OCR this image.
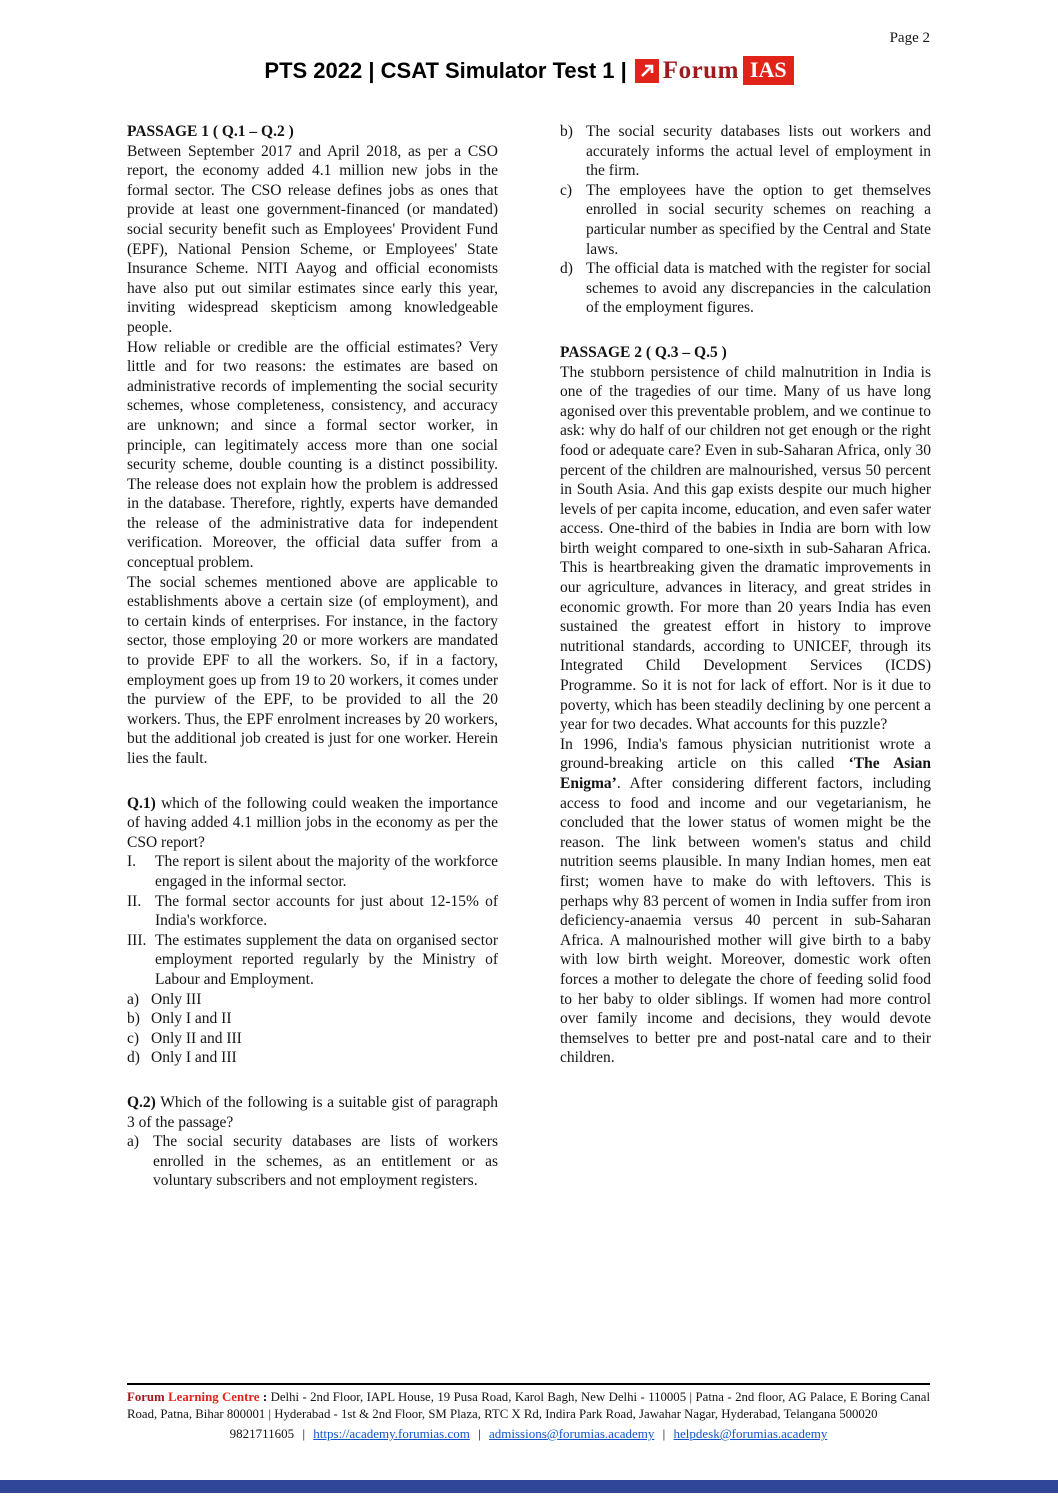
Page 2
PTS 2022 | CSAT Simulator Test 1 | Forum IAS

PASSAGE 1 ( Q.1 – Q.2 )

Between September 2017 and April 2018, as per a CSO report, the economy added 4.1 million new jobs in the formal sector. The CSO release defines jobs as ones that provide at least one government-financed (or mandated) social security benefit such as Employees' Provident Fund (EPF), National Pension Scheme, or Employees' State Insurance Scheme. NITI Aayog and official economists have also put out similar estimates since early this year, inviting widespread skepticism among knowledgeable people.

How reliable or credible are the official estimates? Very little and for two reasons: the estimates are based on administrative records of implementing the social security schemes, whose completeness, consistency, and accuracy are unknown; and since a formal sector worker, in principle, can legitimately access more than one social security scheme, double counting is a distinct possibility. The release does not explain how the problem is addressed in the database. Therefore, rightly, experts have demanded the release of the administrative data for independent verification. Moreover, the official data suffer from a conceptual problem.

The social schemes mentioned above are applicable to establishments above a certain size (of employment), and to certain kinds of enterprises. For instance, in the factory sector, those employing 20 or more workers are mandated to provide EPF to all the workers. So, if in a factory, employment goes up from 19 to 20 workers, it comes under the purview of the EPF, to be provided to all the 20 workers. Thus, the EPF enrolment increases by 20 workers, but the additional job created is just for one worker. Herein lies the fault.

Q.1) which of the following could weaken the importance of having added 4.1 million jobs in the economy as per the CSO report?

I.	The report is silent about the majority of the workforce engaged in the informal sector.
II. The formal sector accounts for just about 12-15% of India's workforce.
III. The estimates supplement the data on organised sector employment reported regularly by the Ministry of Labour and Employment.
a) Only III
b) Only I and II
c) Only II and III
d) Only I and III

Q.2) Which of the following is a suitable gist of paragraph 3 of the passage?

a) The social security databases are lists of workers enrolled in the schemes, as an entitlement or as voluntary subscribers and not employment registers.
b) The social security databases lists out workers and accurately informs the actual level of employment in the firm.
c) The employees have the option to get themselves enrolled in social security schemes on reaching a particular number as specified by the Central and State laws.
d) The official data is matched with the register for social schemes to avoid any discrepancies in the calculation of the employment figures.

PASSAGE 2 ( Q.3 – Q.5 )

The stubborn persistence of child malnutrition in India is one of the tragedies of our time. Many of us have long agonised over this preventable problem, and we continue to ask: why do half of our children not get enough or the right food or adequate care? Even in sub-Saharan Africa, only 30 percent of the children are malnourished, versus 50 percent in South Asia. And this gap exists despite our much higher levels of per capita income, education, and even safer water access. One-third of the babies in India are born with low birth weight compared to one-sixth in sub-Saharan Africa. This is heartbreaking given the dramatic improvements in our agriculture, advances in literacy, and great strides in economic growth. For more than 20 years India has even sustained the greatest effort in history to improve nutritional standards, according to UNICEF, through its Integrated Child Development Services (ICDS) Programme. So it is not for lack of effort. Nor is it due to poverty, which has been steadily declining by one percent a year for two decades. What accounts for this puzzle?

In 1996, India's famous physician nutritionist wrote a ground-breaking article on this called ‘The Asian Enigma’. After considering different factors, including access to food and income and our vegetarianism, he concluded that the lower status of women might be the reason. The link between women's status and child nutrition seems plausible. In many Indian homes, men eat first; women have to make do with leftovers. This is perhaps why 83 percent of women in India suffer from iron deficiency-anaemia versus 40 percent in sub-Saharan Africa. A malnourished mother will give birth to a baby with low birth weight. Moreover, domestic work often forces a mother to delegate the chore of feeding solid food to her baby to older siblings. If women had more control over family income and decisions, they would devote themselves to better pre and post-natal care and to their children.

Forum Learning Centre : Delhi - 2nd Floor, IAPL House, 19 Pusa Road, Karol Bagh, New Delhi - 110005 | Patna - 2nd floor, AG Palace, E Boring Canal Road, Patna, Bihar 800001 | Hyderabad - 1st & 2nd Floor, SM Plaza, RTC X Rd, Indira Park Road, Jawahar Nagar, Hyderabad, Telangana 500020

9821711605 | https://academy.forumias.com | admissions@forumias.academy | helpdesk@forumias.academy
